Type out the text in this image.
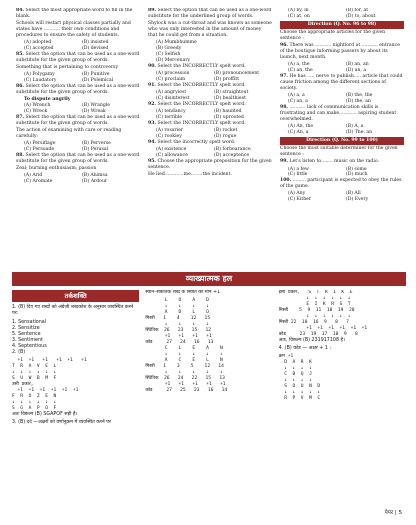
84. Select the most appropriate word to fill in the blank.
Schools will restart physical classes partially and states have ........... their own conditions and procedures to ensure the safety of students.
(A) adopted	(B) insisted
(C) accepted	(D) devised
85. Select the option that can be used as a one-word substitute for the given group of words.
Something that is pertaining to controversy
(A) Polygamy	(B) Punitive
(C) Laudatory	(D) Polemical
86. Select the option that can be used as a one-word substitute for the given group of words.
To dispute angrily
(A) Wrench	(B) Wrangle
(C) Wreck	(D) Wreak
87. Select the option that can be used as a one-word substitute for the given group of words.
The action of examining with care or reading carefully:
(A) Persiflage	(B) Perverse
(C) Persuade	(D) Perusal
88. Select the option that can be used as a one-word substitute for the given group of words.
Zeal; burning enthusiasm; passion
(A) Arid	(B) Ahimsa
(C) Aromate	(D) Ardour
89. Select the option that can be used as a one-word substitute for the underlined group of words.
Shylock was a cut-throat and was known as someone who was only interested in the amount of money that he could get from a situation.
(A) Mumbhumme
(B) Greedy
(C) Selfish
(D) Mercenary
90. Select the INCORRECTLY spelt word.
(A) procession	(B) pronouncement
(C) proclaim	(D) proffitt
91. Select the INCORRECTLY spelt word.
(A) angryiest	(B) straightout
(C) disinterest	(D) healthiest
92. Select the INCORRECTLY spelt word.
(A) tendancy	(B) haunted
(C) terrible	(D) uprooted
93. Select the INCORRECTLY spelt word.
(A) rosarier	(B) rocket
(C) rookiey	(D) rogue
94. Select the incorrectly spelt word.
(A) existence	(B) forbearance
(C) allowance	(D) acceptence
95. Choose the appropriate preposition for the given sentence.
He lied.............me........the incident.
(A) by, in	(B) for, at
(C) at, on	(D) to, about
Direction (Q. No. 96 to 98)
Choose the appropriate articles for the given sentence :
96. There was ........... nightlord at ........... entrance of the boutique informing passers by about its launch, next month.
(A) a, the	(B) an, an
(C) an, the	(D) an, a
97. He has ..... nerve to publish..... article that could cause friction among the different sections of society.
(A) a, a	(B) the, the
(C) an, a	(D) the, an
98. ........... lack of communication skills is frustrating and can make............ aspiring student overwhelmed.
(A) An, the	(B) A, a
(C) An, a	(D) The, an
Direction (Q. No. 99 to 100)
Choose the most suitable determiner for the given sentence :
99. Let's listen to........ music on the radio.
(A) a few	(B) some
(C) little	(D) much
100. ......... participant is expected to obey the rules of the game.
(A) Any	(B) All
(C) Either	(D) Every
व्याख्यात्मक हल
तर्कशक्ति
1. (B) दिए गए शब्दों को अंग्रेजी शब्दकोश के अनुसार व्यवस्थित करने पर:
1. Sensational
2. Sensitize
5. Sentence
3. Sentiment
4. Septentious
2. (B)
+1  +1   +1   +1  +1   +1
T  R  A  V  E  L
↓  ↓  ↓  ↓  ↓  ↓
S  U  W  B  M  F
उसी प्रकार,
+1  +1  +1  +1  +1  +1
F  R  O  Z  E  N
↓  ↓  ↓  ↓  ↓  ↓
S  G  A  P  O  F
अतः विकल्प (B) SGAPOF सही है।
3. (B) दर्द —अक्षरों को वर्णानुक्रम में व्यवस्थित करने पर
स्थान–संकेतिक शब्द के स्थिति का मान +1
L    O    A    D
↓    ↓    ↓    ↓
A    D    L    O
मिस्त्री   1    4    12   15
↓    ↓    ↓    ↓
स्थितिक  26   23   15   12
+1   +1   +1   +1
कोड     27   24   16   13
C    L    E    A    N
↓    ↓    ↓    ↓    ↓
A    C    E    L    N
मिस्त्री   1    3    5    12   14
↓    ↓    ↓    ↓    ↓
स्थितिक  26   24   22   15   13
+1   +1   +1   +1   +1
कोड     27   25   23   16   14
इसी प्रकार,   S  T  R  I  K  E
↓  ↓  ↓  ↓  ↓  ↓
E  I  K  R  S  T
मिस्त्री    5  9  11  18  19  20
↓  ↓  ↓  ↓  ↓  ↓
मिस्त्री 22  18  16  9   8   7
+1  +1  +1  +1  +1  +1
कोड     23  19  17  10  9   8
अतः, विकल्प (B) 231917108 है।
4. (B) कोड — अक्षर + 1 :
क्रम +1
D  A  R  K
↓  ↓  ↓  ↓
C  B  Q  J
↓  ↓  ↓  ↓
S  O  U  N  D
↓  ↓  ↓  ↓  ↓
R  P  V  M  C
पेपर | 5
